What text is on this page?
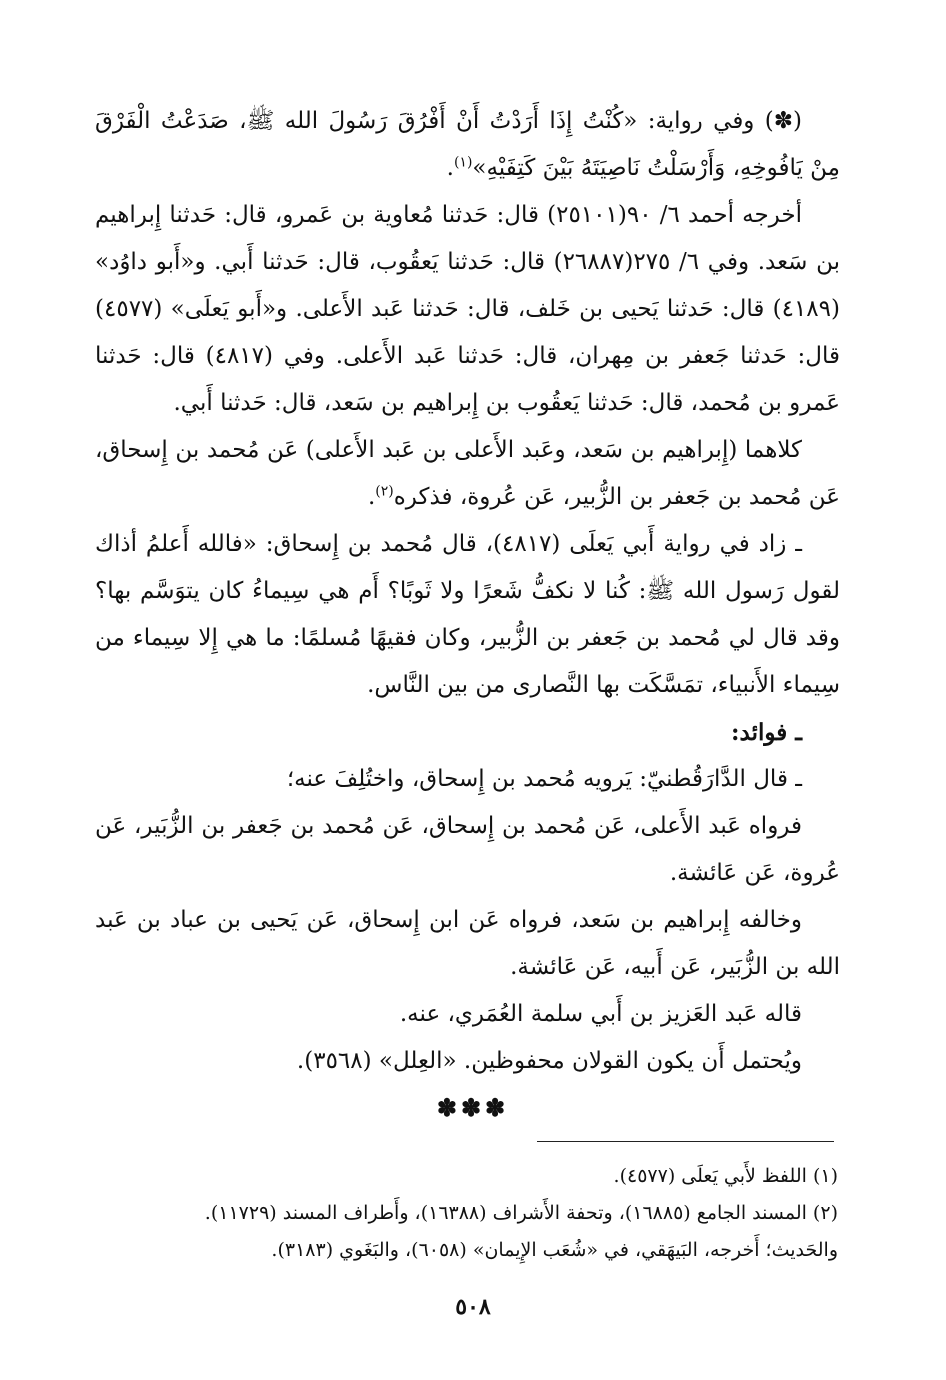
(✽) وفي رواية: «كُنْتُ إِذَا أَرَدْتُ أَنْ أَفْرُقَ رَسُولَ الله ﷺ، صَدَعْتُ الْفَرْقَ مِنْ يَافُوخِهِ، وَأَرْسَلْتُ نَاصِيَتَهُ بَيْنَ كَتِفَيْهِ»$^{(١)}$.

أخرجه أحمد ٦/ ٩٠(٢٥١٠١) قال: حَدثنا مُعاوية بن عَمرو، قال: حَدثنا إِبراهيم بن سَعد. وفي ٦/ ٢٧٥(٢٦٨٨٧) قال: حَدثنا يَعقُوب، قال: حَدثنا أَبي. و«أَبو داوُد» (٤١٨٩) قال: حَدثنا يَحيى بن خَلف، قال: حَدثنا عَبد الأَعلى. و«أَبو يَعلَى» (٤٥٧٧) قال: حَدثنا جَعفر بن مِهران، قال: حَدثنا عَبد الأَعلى. وفي (٤٨١٧) قال: حَدثنا عَمرو بن مُحمد، قال: حَدثنا يَعقُوب بن إِبراهيم بن سَعد، قال: حَدثنا أَبي.

كلاهما (إِبراهيم بن سَعد، وعَبد الأَعلى بن عَبد الأَعلى) عَن مُحمد بن إِسحاق، عَن مُحمد بن جَعفر بن الزُّبير، عَن عُروة، فذكره$^{(٢)}$.

ـ زاد في رواية أَبي يَعلَى (٤٨١٧)، قال مُحمد بن إِسحاق: «فالله أَعلمُ أذاك لقول رَسول الله ﷺ: كُنا لا نكفُّ شَعرًا ولا ثَوبًا؟ أَم هي سِيماءُ كان يتوَسَّم بها؟ وقد قال لي مُحمد بن جَعفر بن الزُّبير، وكان فقيهًا مُسلمًا: ما هي إِلا سِيماء من سِيماء الأَنبياء، تمَسَّكَت بها النَّصارى من بين النَّاس.

ـ فوائد:

ـ قال الدَّارَقُطنيّ: يَرويه مُحمد بن إِسحاق، واختُلِفَ عنه؛

فرواه عَبد الأَعلى، عَن مُحمد بن إِسحاق، عَن مُحمد بن جَعفر بن الزُّبَير، عَن عُروة، عَن عَائشة.

وخالفه إِبراهيم بن سَعد، فرواه عَن ابن إِسحاق، عَن يَحيى بن عباد بن عَبد الله بن الزُّبَير، عَن أَبيه، عَن عَائشة.

قاله عَبد العَزيز بن أَبي سلمة العُمَري، عنه.

ويُحتمل أَن يكون القولان محفوظين. «العِلل» (٣٥٦٨).

✽✽✽

(١) اللفظ لأَبي يَعلَى (٤٥٧٧).

(٢) المسند الجامع (١٦٨٨٥)، وتحفة الأَشراف (١٦٣٨٨)، وأَطراف المسند (١١٧٢٩).

والحَديث؛ أَخرجه، البَيهَقي، في «شُعَب الإِيمان» (٦٠٥٨)، والبَغَوي (٣١٨٣).

٥٠٨
